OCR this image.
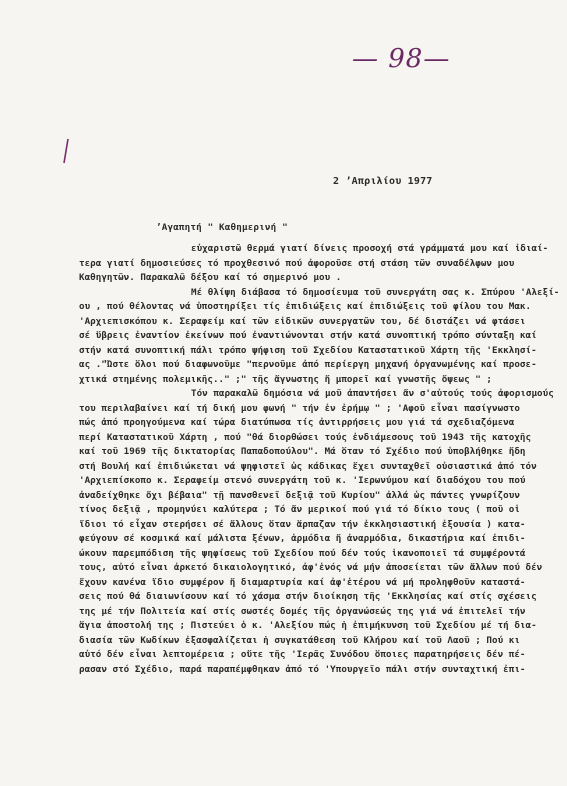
— 98—
2 ’Απριλίου 1977
’Αγαπητή " Καθημερινή "
εὐχαριστῶ θερμά γιατί δίνεις προσοχή στά γράμματά μου καί ἰδιαί-
τερα γιατί δημοσιεύσες τό προχθεσινό πού ἀφοροῦσε στή στάση τῶν συναδέλφων μου
Καθηγητῶν. Παρακαλῶ δέξου καί τό σημερινό μου .
Μέ θλίψη διάβασα τό δημοσίευμα τοῦ συνεργάτη σας κ. Σπύρου 'Αλεξί-
ου , πού θέλοντας νά ὑποστηρίξει τίς ἐπιδιώξεις καί ἐπιδιώξεις τοῦ φίλου του Μακ.
'Αρχιεπισκόπου κ. Σεραφείμ καί τῶν εἰδικῶν συνεργατῶν του, δέ διστάζει νά φτάσει
σέ ὕβρεις ἐναντίον ἐκείνων πού ἐναντιώνονται στήν κατά συνοπτική τρόπο σύνταξη καί
στήν κατά συνοπτική πάλι τρόπο ψήφιση τοῦ Σχεδίου Καταστατικοῦ Χάρτη τῆς 'Εκκλησί-
ας ."Ὥστε ὅλοι πού διαφωνοῦμε "περνοῦμε ἀπό περίεργη μηχανή ὀργανωμένης καί προσε-
χτικά στημένης πολεμικῆς.." ;" τῆς ἄγνωστης ἤ μπορεῖ καί γνωστῆς ὄψεως " ;
Τόν παρακαλῶ δημόσια νά μοῦ ἀπαντήσει ἄν σ'αὐτούς τούς ἀφορισμούς
του περιλαβαίνει καί τή δική μου φωνή " τήν ἐν ἐρήμῳ " ; 'Αφοῦ εἶναι πασίγνωστο
πώς ἀπό προηγούμενα καί τώρα διατύπωσα τίς ἀντιρρήσεις μου γιά τά σχεδιαζόμενα
περί Καταστατικοῦ Χάρτη , πού "θά διορθώσει τούς ἐνδιάμεσους τοῦ 1943 τῆς κατοχῆς
καί τοῦ 1969 τῆς δικτατορίας Παπαδοπούλου". Μά ὅταν τό Σχέδιο πού ὑποβλήθηκε ἤδη
στή Βουλή καί ἐπιδιώκεται νά ψηφιστεῖ ὡς κάδικας ἔχει συνταχθεῖ οὐσιαστικά ἀπό τόν
'Αρχιεπίσκοπο κ. Σεραφείμ στενό συνεργάτη τοῦ κ. 'Ιερωνύμου καί διαδόχου του πού
ἀναδείχθηκε ὄχι βέβαια" τῇ πανσθενεῖ δεξιᾷ τοῦ Κυρίου" ἀλλά ὡς πάντες γνωρίζουν
τίνος δεξιᾷ , προμηνύει καλύτερα ; Τό ἄν μερικοί πού γιά τό δίκιο τους ( ποῦ οἱ
ἴδιοι τό εἶχαν στερήσει σέ ἄλλους ὅταν ἅρπαζαν τήν ἐκκλησιαστική ἐξουσία ) κατα-
φεύγουν σέ κοσμικά καί μάλιστα ξένων, ἁρμόδια ἤ ἀναρμόδια, δικαστήρια καί ἐπιδι-
ώκουν παρεμπόδιση τῆς ψηφίσεως τοῦ Σχεδίου πού δέν τούς ἱκανοποιεῖ τά συμφέροντά
τους, αὐτό εἶναι ἀρκετό δικαιολογητικό, ἀφ'ἑνός νά μήν ἀποσείεται τῶν ἄλλων πού δέν
ἔχουν κανένα ἴδιο συμφέρον ἤ διαμαρτυρία καί ἀφ'ἑτέρου νά μή προληφθοῦν καταστά-
σεις πού θά διαιωνίσουν καί τό χάσμα στήν διοίκηση τῆς 'Εκκλησίας καί στίς σχέσεις
της μέ τήν Πολιτεία καί στίς σωστές δομές τῆς ὀργανώσεώς της γιά νά ἐπιτελεῖ τήν
ἅγια ἀποστολή της ; Πιστεύει ὁ κ. 'Αλεξίου πώς ἡ ἐπιμήκυνση τοῦ Σχεδίου μέ τή δια-
διασία τῶν Κωδίκων ἐξασφαλίζεται ἡ συγκατάθεση τοῦ Κλήρου καί τοῦ Λαοῦ ; Πού κι
αὐτό δέν εἶναι λεπτομέρεια ; οὔτε τῆς 'Ιερᾶς Συνόδου ὅποιες παρατηρήσεις δέν πέ-
ρασαν στό Σχέδιο, παρά παραπέμφθηκαν ἀπό τό 'Υπουργεῖο πάλι στήν συνταχτική ἐπι-
